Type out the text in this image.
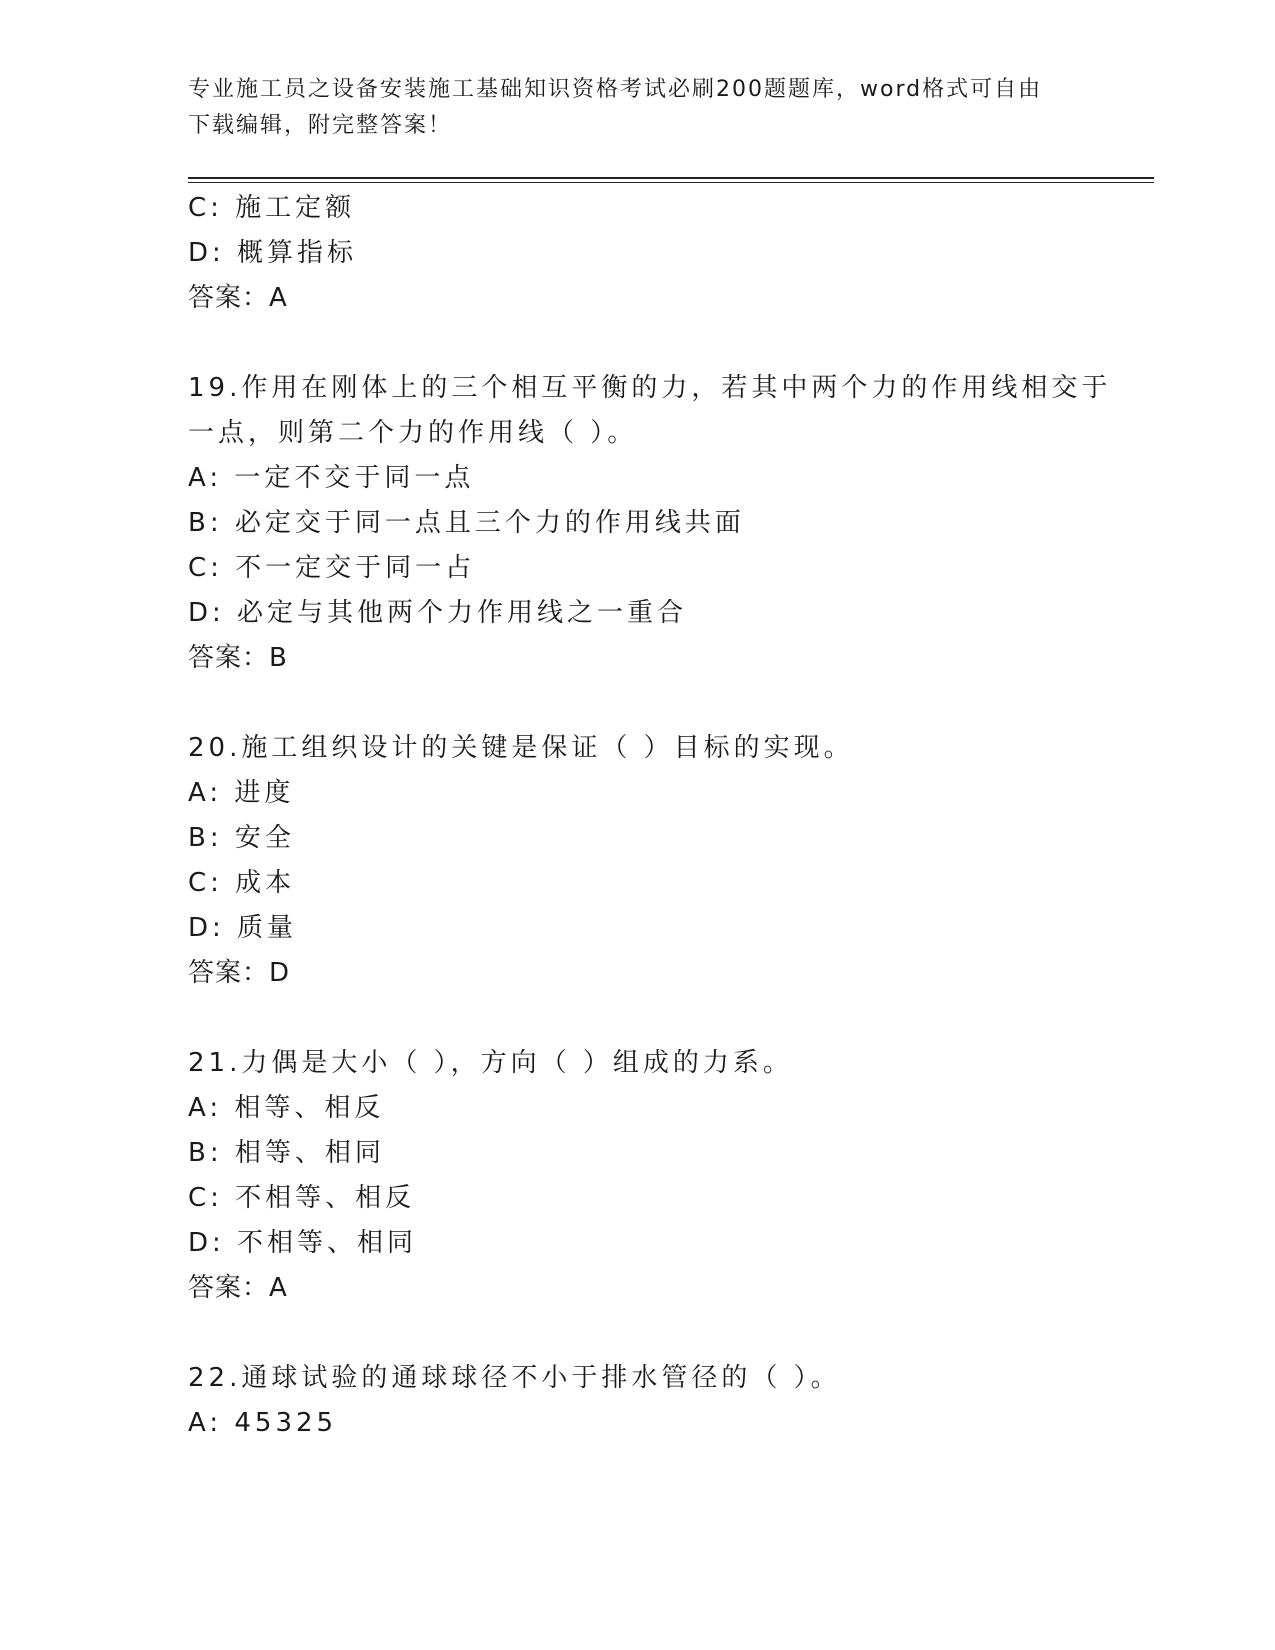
专业施工员之设备安装施工基础知识资格考试必刷200题题库，word格式可自由
下载编辑，附完整答案！
C: 施工定额
D: 概算指标
答案：A
19.作用在刚体上的三个相互平衡的力，若其中两个力的作用线相交于
一点，则第二个力的作用线（ ）。
A: 一定不交于同一点
B: 必定交于同一点且三个力的作用线共面
C: 不一定交于同一占
D: 必定与其他两个力作用线之一重合
答案：B
20.施工组织设计的关键是保证（ ）目标的实现。
A: 进度
B: 安全
C: 成本
D: 质量
答案：D
21.力偶是大小（ ），方向（ ）组成的力系。
A: 相等、相反
B: 相等、相同
C: 不相等、相反
D: 不相等、相同
答案：A
22.通球试验的通球球径不小于排水管径的（ ）。
A: 45325
